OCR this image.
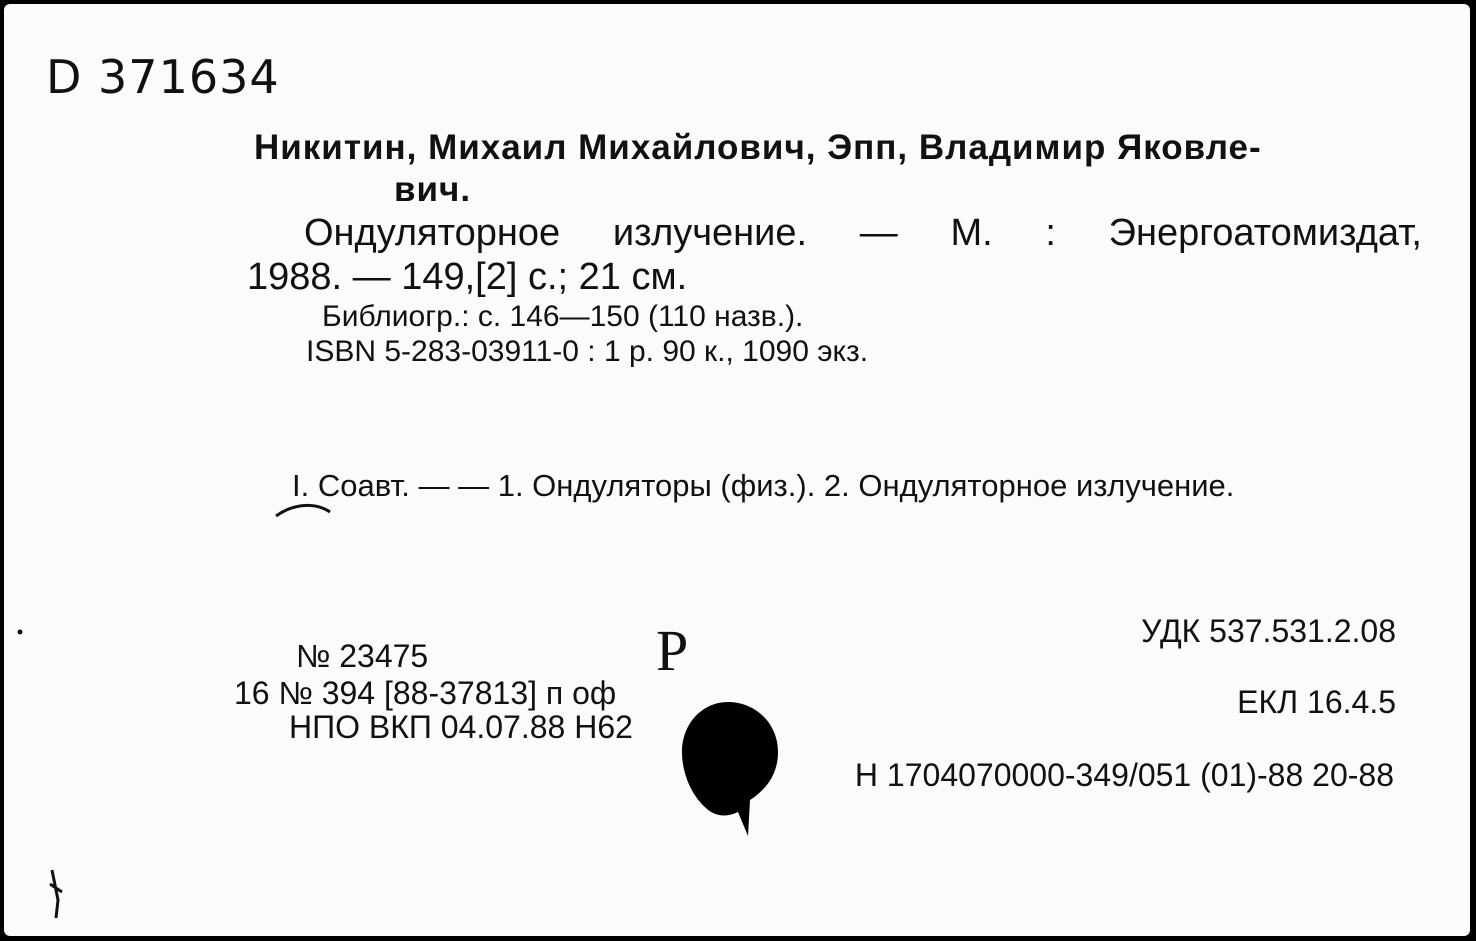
D 371634
Никитин, Михаил Михайлович, Эпп, Владимир Яковле-
вич.
Ондуляторное излучение. — М. : Энергоатомиздат,
1988. — 149,[2] с.; 21 см.
Библиогр.: с. 146—150 (110 назв.).
ISBN 5-283-03911-0 : 1 р. 90 к., 1090 экз.
I. Соавт. — — 1. Ондуляторы (физ.). 2. Ондуляторное излучение.
№ 23475
16 № 394 [88-37813] п оф
НПО ВКП 04.07.88 Н62
Р	УДК 537.531.2.08
ЕКЛ 16.4.5
Н 1704070000-349/051 (01)-88 20-88
